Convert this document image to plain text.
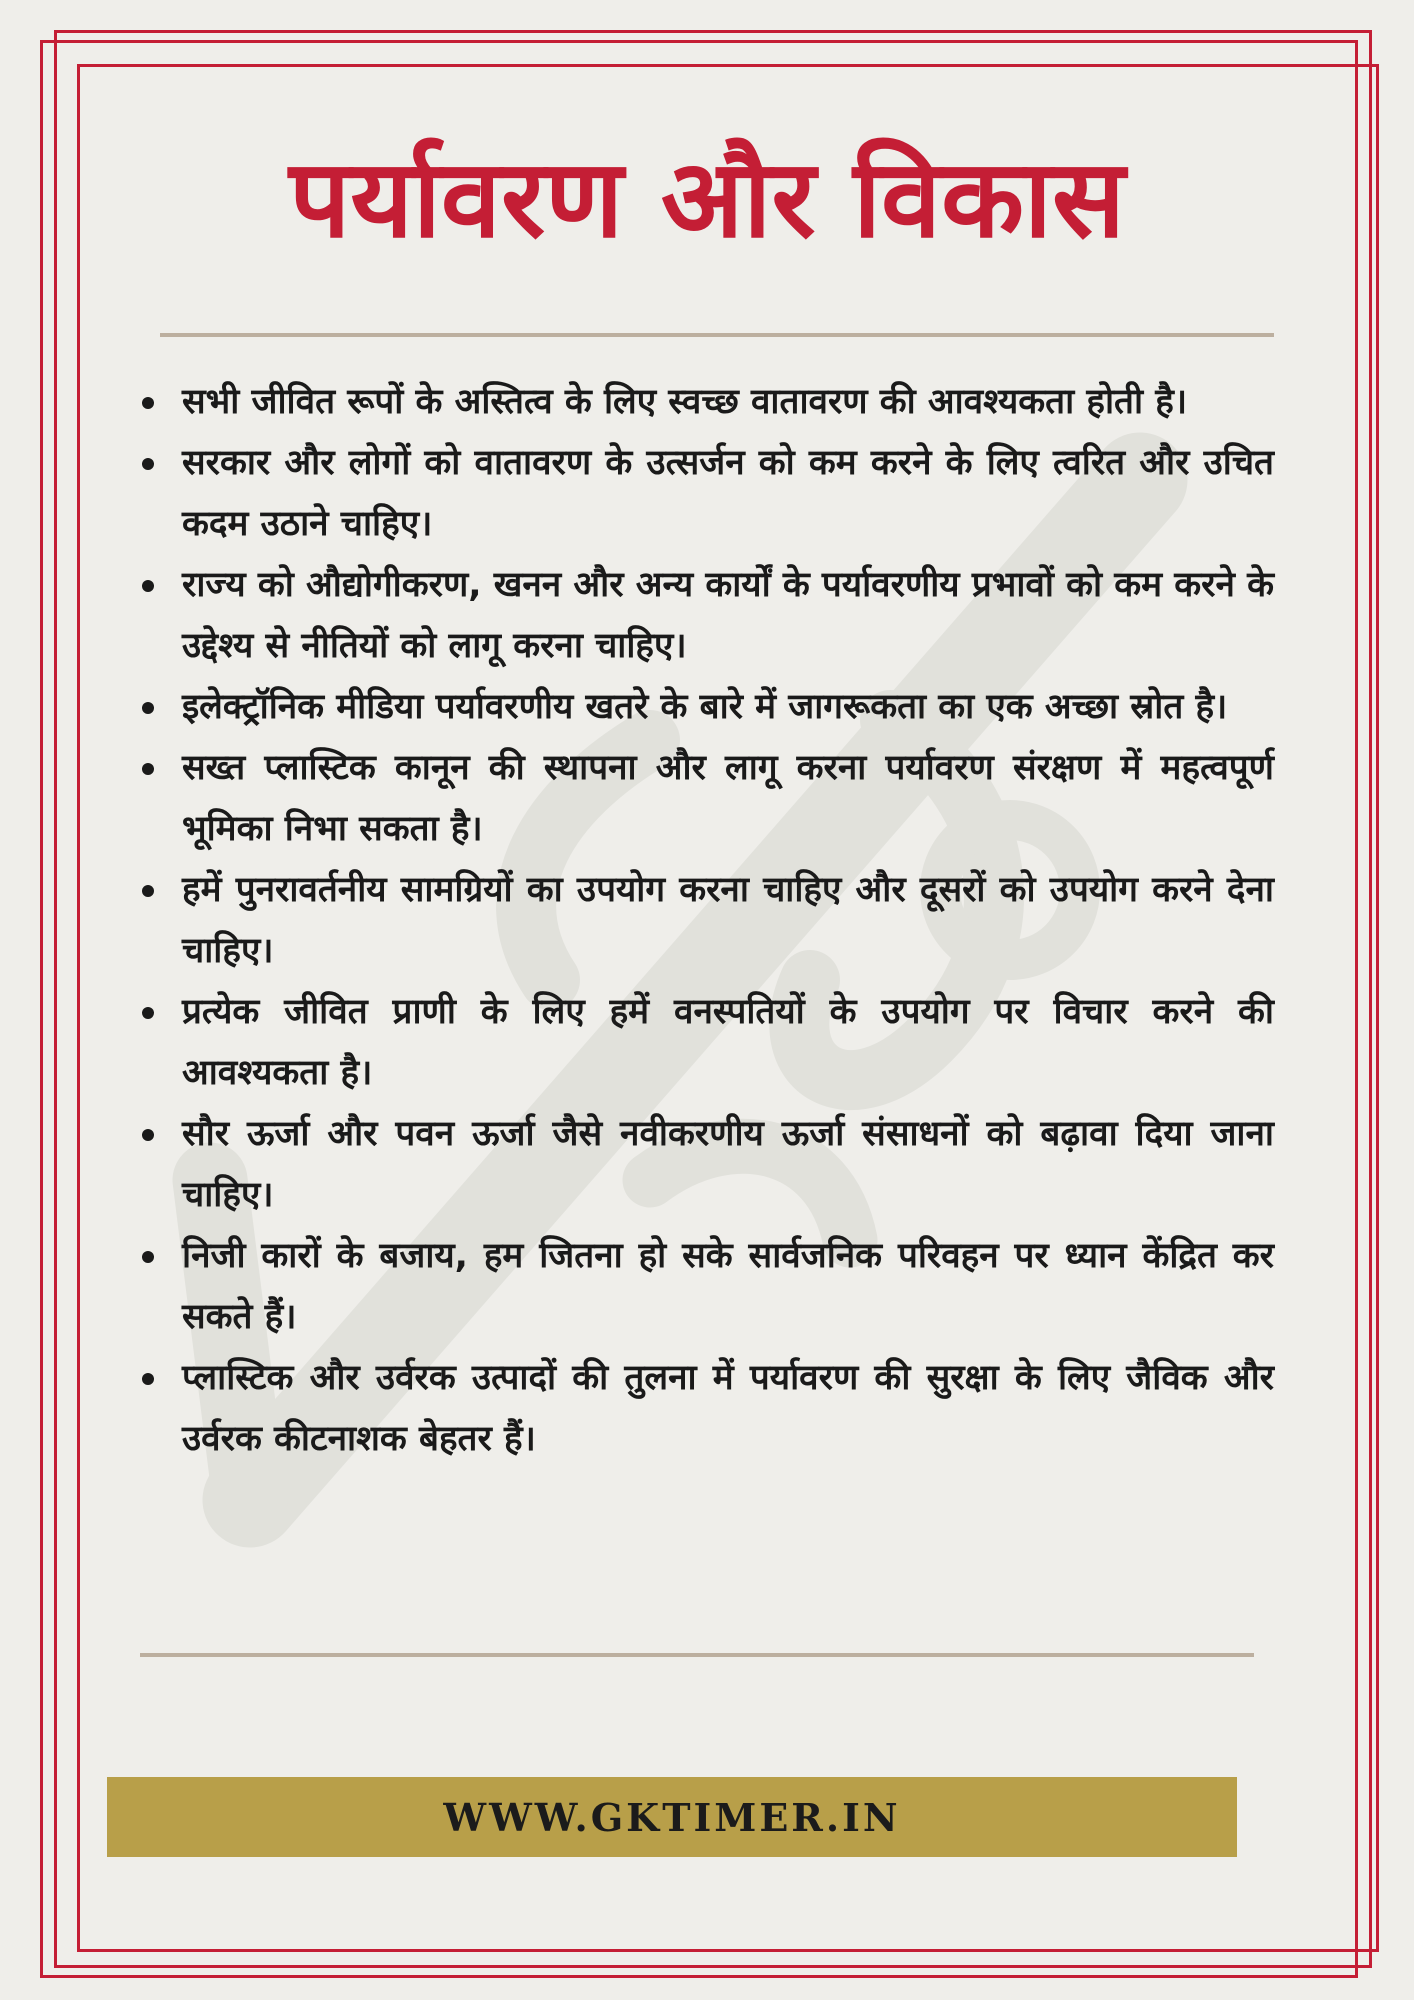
पर्यावरण और विकास
सभी जीवित रूपों के अस्तित्व के लिए स्वच्छ वातावरण की आवश्यकता होती है।
सरकार और लोगों को वातावरण के उत्सर्जन को कम करने के लिए त्वरित और उचित कदम उठाने चाहिए।
राज्य को औद्योगीकरण, खनन और अन्य कार्यों के पर्यावरणीय प्रभावों को कम करने के उद्देश्य से नीतियों को लागू करना चाहिए।
इलेक्ट्रॉनिक मीडिया पर्यावरणीय खतरे के बारे में जागरूकता का एक अच्छा स्रोत है।
सख्त प्लास्टिक कानून की स्थापना और लागू करना पर्यावरण संरक्षण में महत्वपूर्ण भूमिका निभा सकता है।
हमें पुनरावर्तनीय सामग्रियों का उपयोग करना चाहिए और दूसरों को उपयोग करने देना चाहिए।
प्रत्येक जीवित प्राणी के लिए हमें वनस्पतियों के उपयोग पर विचार करने की आवश्यकता है।
सौर ऊर्जा और पवन ऊर्जा जैसे नवीकरणीय ऊर्जा संसाधनों को बढ़ावा दिया जाना चाहिए।
निजी कारों के बजाय, हम जितना हो सके सार्वजनिक परिवहन पर ध्यान केंद्रित कर सकते हैं।
प्लास्टिक और उर्वरक उत्पादों की तुलना में पर्यावरण की सुरक्षा के लिए जैविक और उर्वरक कीटनाशक बेहतर हैं।
WWW.GKTIMER.IN
